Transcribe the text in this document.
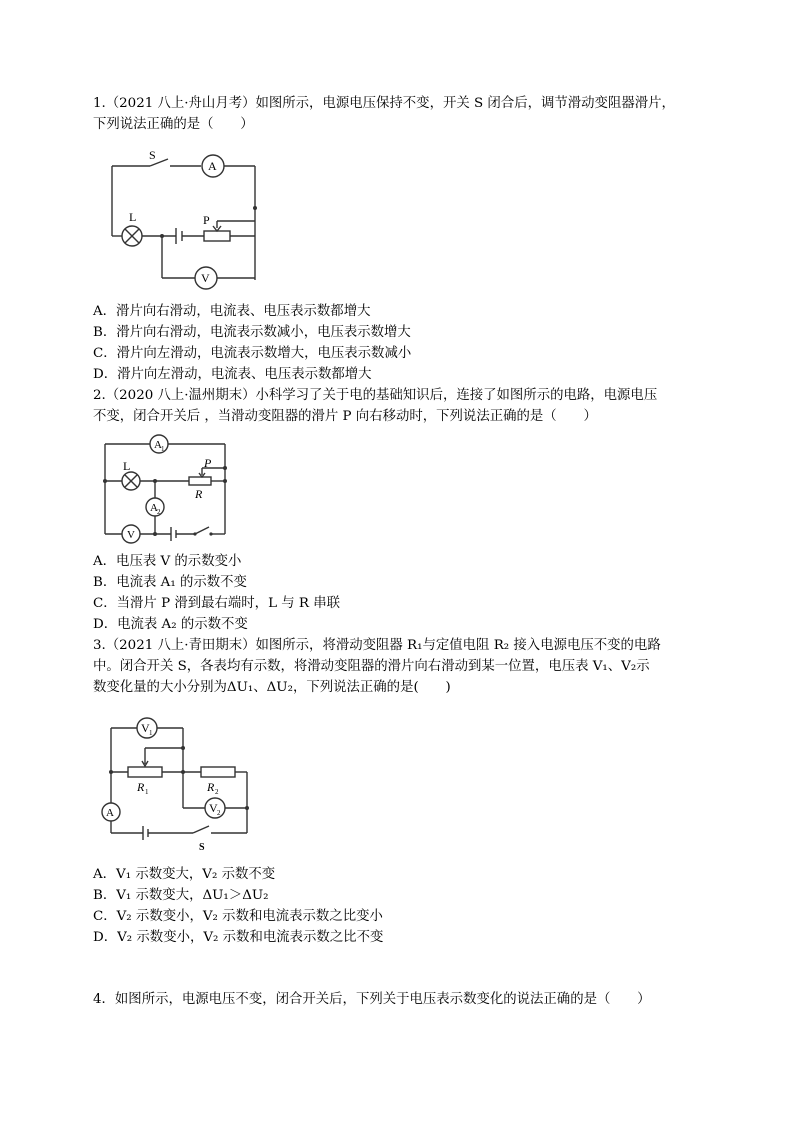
1.（2021 八上·舟山月考）如图所示，电源电压保持不变，开关 S 闭合后，调节滑动变阻器滑片，
下列说法正确的是（　　）
S
A
L	P
V
A．滑片向右滑动，电流表、电压表示数都增大
B．滑片向右滑动，电流表示数减小，电压表示数增大
C．滑片向左滑动，电流表示数增大，电压表示数减小
D．滑片向左滑动，电流表、电压表示数都增大
2.（2020 八上·温州期末）小科学习了关于电的基础知识后，连接了如图所示的电路，电源电压
不变，闭合开关后 ，当滑动变阻器的滑片 P 向右移动时，下列说法正确的是（　　）
A 1
L	P
R
A 2
V
A．电压表 V 的示数变小
B．电流表 A₁ 的示数不变
C．当滑片 P 滑到最右端时，L 与 R 串联
D．电流表 A₂ 的示数不变
3.（2021 八上·青田期末）如图所示，将滑动变阻器 R₁与定值电阻 R₂ 接入电源电压不变的电路
中。闭合开关 S，各表均有示数，将滑动变阻器的滑片向右滑动到某一位置，电压表 V₁、V₂示
数变化量的大小分别为ΔU₁、ΔU₂，下列说法正确的是(　　)
V 1
R 1	R 2
A	V 2
S
A．V₁ 示数变大，V₂ 示数不变
B．V₁ 示数变大，ΔU₁＞ΔU₂
C．V₂ 示数变小，V₂ 示数和电流表示数之比变小
D．V₂ 示数变小，V₂ 示数和电流表示数之比不变
4．如图所示，电源电压不变，闭合开关后，下列关于电压表示数变化的说法正确的是（　　）
